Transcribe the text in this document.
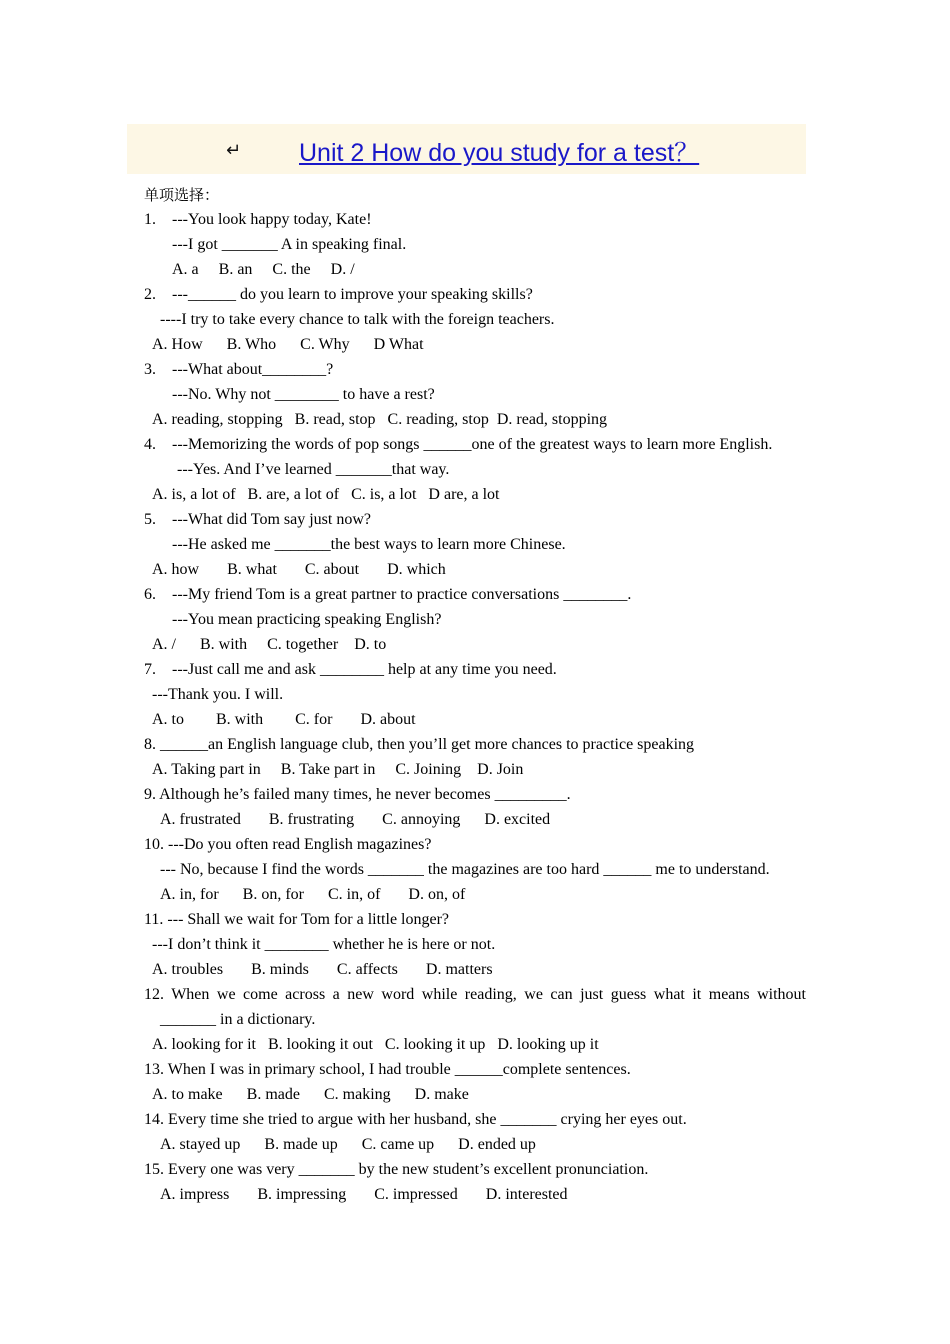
↵ Unit 2 How do you study for a test？
单项选择：
1.    ---You look happy today, Kate!
---I got _______ A in speaking final.
A. a     B. an     C. the     D. /
2.    ---______ do you learn to improve your speaking skills?
----I try to take every chance to talk with the foreign teachers.
A. How      B. Who      C. Why      D What
3.    ---What about________?
---No. Why not ________ to have a rest?
A. reading, stopping   B. read, stop   C. reading, stop  D. read, stopping
4.    ---Memorizing the words of pop songs ______one of the greatest ways to learn more English.
---Yes. And I’ve learned _______that way.
A. is, a lot of   B. are, a lot of   C. is, a lot   D are, a lot
5.    ---What did Tom say just now?
---He asked me _______the best ways to learn more Chinese.
A. how       B. what       C. about       D. which
6.    ---My friend Tom is a great partner to practice conversations ________.
---You mean practicing speaking English?
A. /      B. with     C. together    D. to
7.    ---Just call me and ask ________ help at any time you need.
---Thank you. I will.
A. to        B. with        C. for       D. about
8. ______an English language club, then you’ll get more chances to practice speaking
A. Taking part in     B. Take part in     C. Joining    D. Join
9. Although he’s failed many times, he never becomes _________.
A. frustrated       B. frustrating       C. annoying      D. excited
10. ---Do you often read English magazines?
--- No, because I find the words _______ the magazines are too hard ______ me to understand.
A. in, for      B. on, for      C. in, of       D. on, of
11. --- Shall we wait for Tom for a little longer?
---I don’t think it ________ whether he is here or not.
A. troubles       B. minds       C. affects       D. matters
12. When we come across a new word while reading, we can just guess what it means without
_______ in a dictionary.
A. looking for it   B. looking it out   C. looking it up   D. looking up it
13. When I was in primary school, I had trouble ______complete sentences.
A. to make      B. made      C. making      D. make
14. Every time she tried to argue with her husband, she _______ crying her eyes out.
A. stayed up      B. made up      C. came up      D. ended up
15. Every one was very _______ by the new student’s excellent pronunciation.
A. impress       B. impressing       C. impressed       D. interested
